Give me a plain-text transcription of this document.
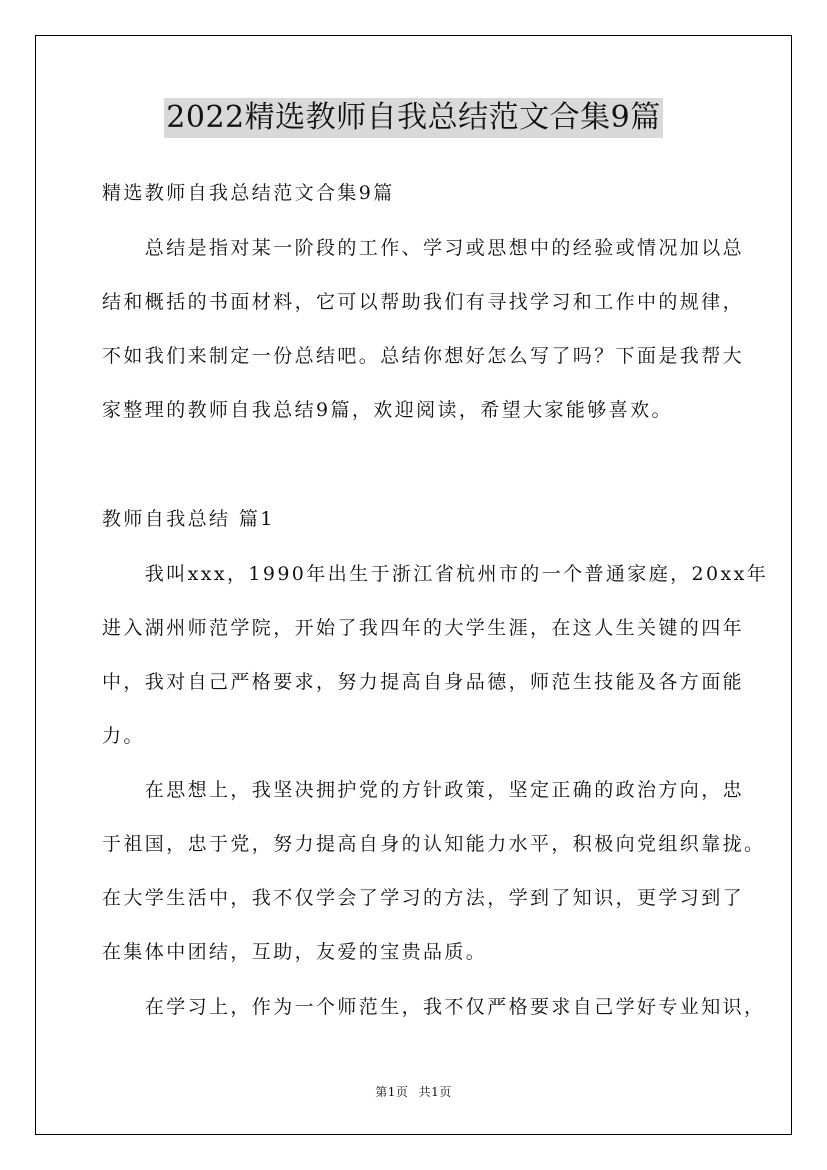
2022精选教师自我总结范文合集9篇
精选教师自我总结范文合集9篇
　　总结是指对某一阶段的工作、学习或思想中的经验或情况加以总
结和概括的书面材料，它可以帮助我们有寻找学习和工作中的规律，
不如我们来制定一份总结吧。总结你想好怎么写了吗？下面是我帮大
家整理的教师自我总结9篇，欢迎阅读，希望大家能够喜欢。
教师自我总结 篇1
　　我叫xxx，1990年出生于浙江省杭州市的一个普通家庭，20xx年
进入湖州师范学院，开始了我四年的大学生涯，在这人生关键的四年
中，我对自己严格要求，努力提高自身品德，师范生技能及各方面能
力。
　　在思想上，我坚决拥护党的方针政策，坚定正确的政治方向，忠
于祖国，忠于党，努力提高自身的认知能力水平，积极向党组织靠拢。
在大学生活中，我不仅学会了学习的方法，学到了知识，更学习到了
在集体中团结，互助，友爱的宝贵品质。
　　在学习上，作为一个师范生，我不仅严格要求自己学好专业知识，
第1页 共1页
